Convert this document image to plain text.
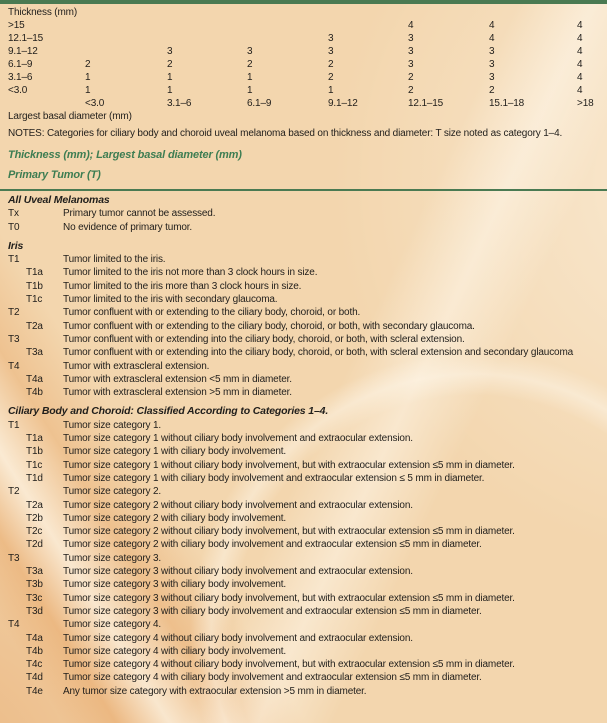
Thickness (mm)							
>15					4	4	4
12.1–15				3	3	4	4
9.1–12		3	3	3	3	3	4
6.1–9	2	2	2	2	3	3	4
3.1–6	1	1	1	2	2	3	4
<3.0	1	1	1	1	2	2	4
	<3.0	3.1–6	6.1–9	9.1–12	12.1–15	15.1–18	>18
Largest basal diameter (mm)							

NOTES: Categories for ciliary body and choroid uveal melanoma based on thickness and diameter: T size noted as category 1–4.

Thickness (mm); Largest basal diameter (mm)

Primary Tumor (T)

All Uveal Melanomas
Tx	Primary tumor cannot be assessed.
T0	No evidence of primary tumor.
Iris
T1	Tumor limited to the iris.
T1a Tumor limited to the iris not more than 3 clock hours in size.
T1b Tumor limited to the iris more than 3 clock hours in size.
T1c Tumor limited to the iris with secondary glaucoma.
T2	Tumor confluent with or extending to the ciliary body, choroid, or both.
T2a Tumor confluent with or extending to the ciliary body, choroid, or both, with secondary glaucoma.
T3	Tumor confluent with or extending into the ciliary body, choroid, or both, with scleral extension.
T3a Tumor confluent with or extending into the ciliary body, choroid, or both, with scleral extension and secondary glaucoma
T4	Tumor with extrascleral extension.
T4a Tumor with extrascleral extension <5 mm in diameter.
T4b Tumor with extrascleral extension >5 mm in diameter.
Ciliary Body and Choroid: Classified According to Categories 1–4.
T1	Tumor size category 1.
T1a Tumor size category 1 without ciliary body involvement and extraocular extension.
T1b Tumor size category 1 with ciliary body involvement.
T1c Tumor size category 1 without ciliary body involvement, but with extraocular extension ≤5 mm in diameter.
T1d Tumor size category 1 with ciliary body involvement and extraocular extension ≤ 5 mm in diameter.
T2	Tumor size category 2.
T2a Tumor size category 2 without ciliary body involvement and extraocular extension.
T2b Tumor size category 2 with ciliary body involvement.
T2c Tumor size category 2 without ciliary body involvement, but with extraocular extension ≤5 mm in diameter.
T2d Tumor size category 2 with ciliary body involvement and extraocular extension ≤5 mm in diameter.
T3	Tumor size category 3.
T3a Tumor size category 3 without ciliary body involvement and extraocular extension.
T3b Tumor size category 3 with ciliary body involvement.
T3c Tumor size category 3 without ciliary body involvement, but with extraocular extension ≤5 mm in diameter.
T3d Tumor size category 3 with ciliary body involvement and extraocular extension ≤5 mm in diameter.
T4	Tumor size category 4.
T4a Tumor size category 4 without ciliary body involvement and extraocular extension.
T4b Tumor size category 4 with ciliary body involvement.
T4c Tumor size category 4 without ciliary body involvement, but with extraocular extension ≤5 mm in diameter.
T4d Tumor size category 4 with ciliary body involvement and extraocular extension ≤5 mm in diameter.
T4e Any tumor size category with extraocular extension >5 mm in diameter.
